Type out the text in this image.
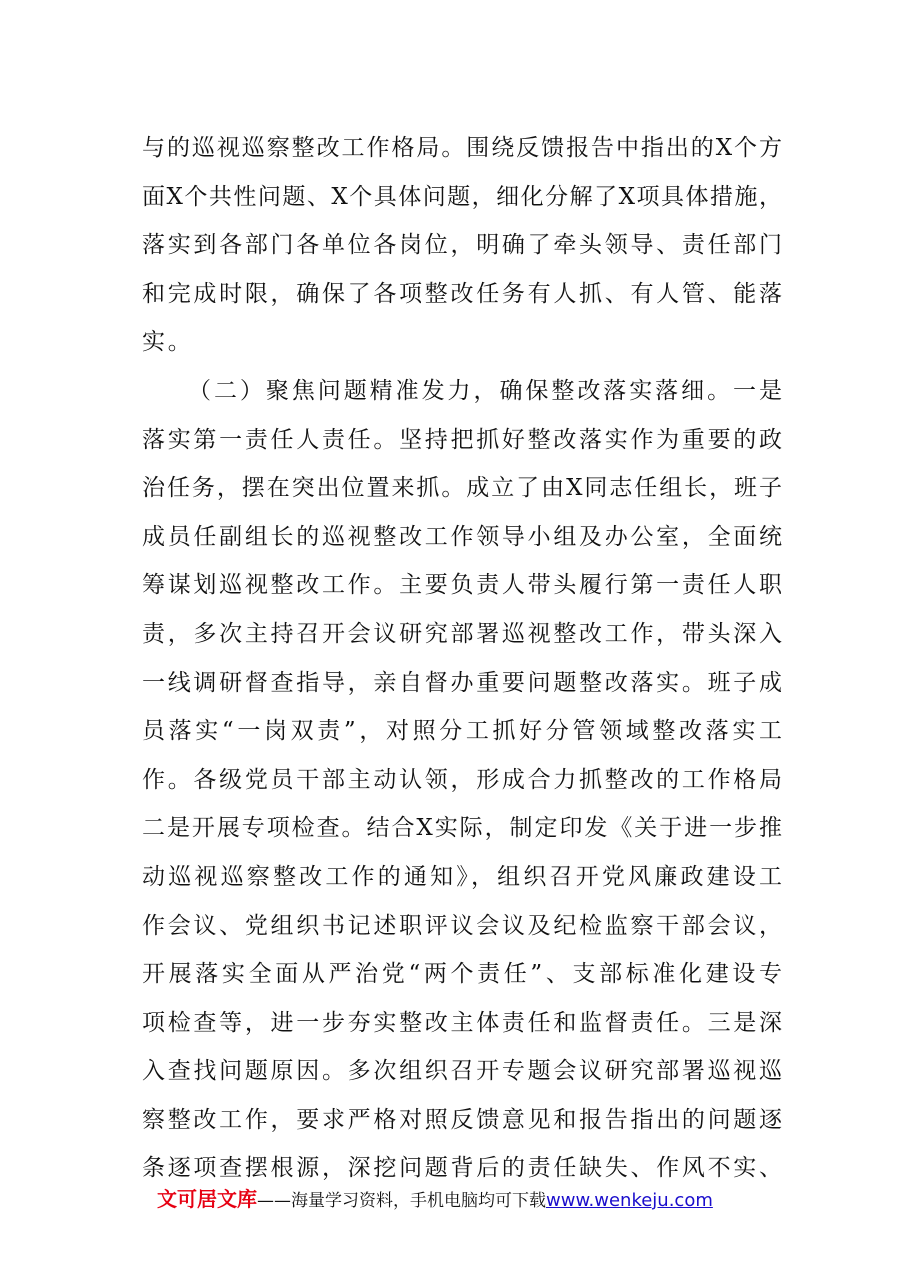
与的巡视巡察整改工作格局。围绕反馈报告中指出的X个方
面X个共性问题、X个具体问题，细化分解了X项具体措施，
落实到各部门各单位各岗位，明确了牵头领导、责任部门
和完成时限，确保了各项整改任务有人抓、有人管、能落
实。
（二）聚焦问题精准发力，确保整改落实落细。一是
落实第一责任人责任。坚持把抓好整改落实作为重要的政
治任务，摆在突出位置来抓。成立了由X同志任组长，班子
成员任副组长的巡视整改工作领导小组及办公室，全面统
筹谋划巡视整改工作。主要负责人带头履行第一责任人职
责，多次主持召开会议研究部署巡视整改工作，带头深入
一线调研督查指导，亲自督办重要问题整改落实。班子成
员落实“一岗双责”，对照分工抓好分管领域整改落实工
作。各级党员干部主动认领，形成合力抓整改的工作格局
二是开展专项检查。结合X实际，制定印发《关于进一步推
动巡视巡察整改工作的通知》，组织召开党风廉政建设工
作会议、党组织书记述职评议会议及纪检监察干部会议，
开展落实全面从严治党“两个责任”、支部标准化建设专
项检查等，进一步夯实整改主体责任和监督责任。三是深
入查找问题原因。多次组织召开专题会议研究部署巡视巡
察整改工作，要求严格对照反馈意见和报告指出的问题逐
条逐项查摆根源，深挖问题背后的责任缺失、作风不实、
文可居文库——海量学习资料，手机电脑均可下载www.wenkeju.com
